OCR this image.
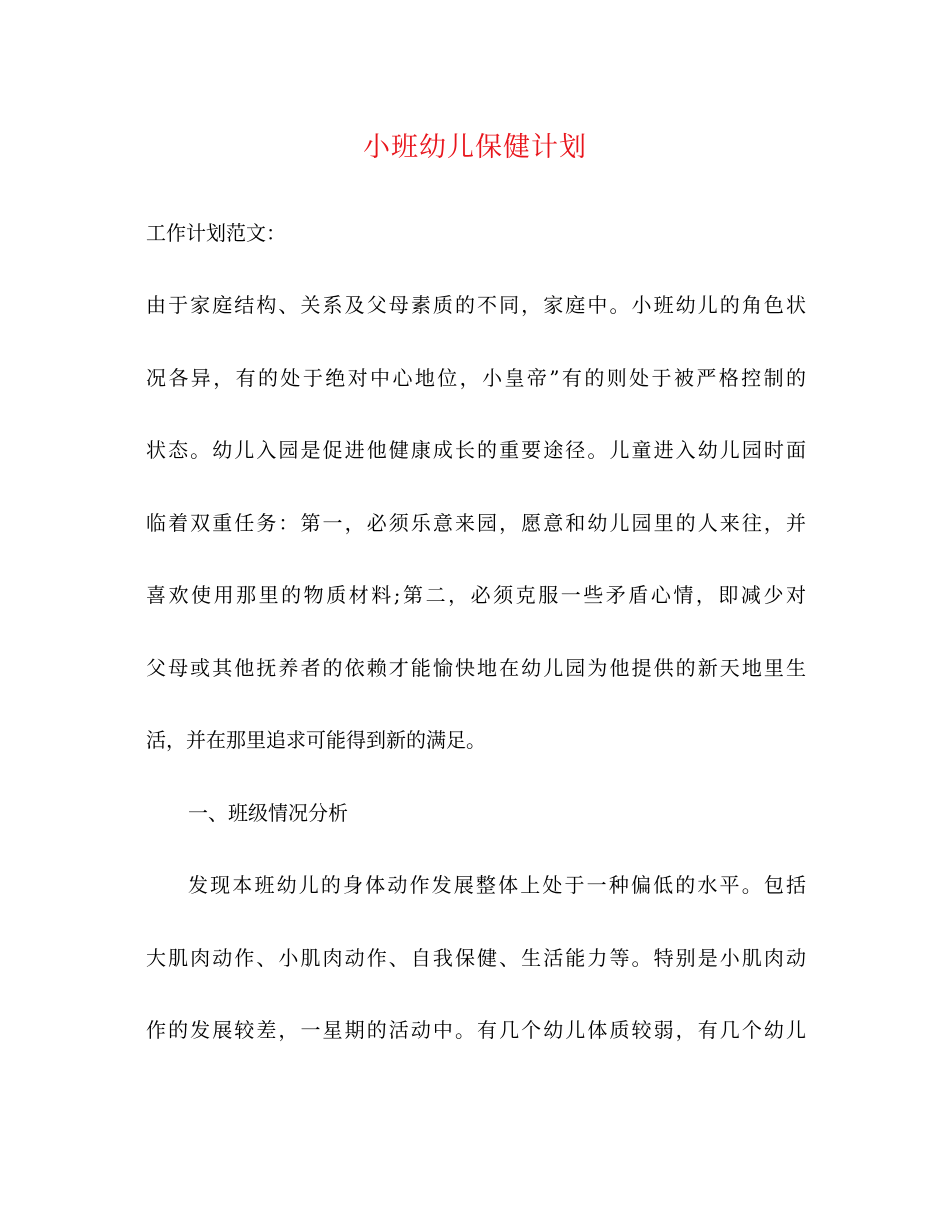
小班幼儿保健计划
工作计划范文：
由于家庭结构、关系及父母素质的不同，家庭中。小班幼儿的角色状
况各异，有的处于绝对中心地位，小皇帝”有的则处于被严格控制的
状态。幼儿入园是促进他健康成长的重要途径。儿童进入幼儿园时面
临着双重任务：第一，必须乐意来园，愿意和幼儿园里的人来往，并
喜欢使用那里的物质材料;第二，必须克服一些矛盾心情，即减少对
父母或其他抚养者的依赖才能愉快地在幼儿园为他提供的新天地里生
活，并在那里追求可能得到新的满足。
一、班级情况分析
发现本班幼儿的身体动作发展整体上处于一种偏低的水平。包括
大肌肉动作、小肌肉动作、自我保健、生活能力等。特别是小肌肉动
作的发展较差，一星期的活动中。有几个幼儿体质较弱，有几个幼儿
